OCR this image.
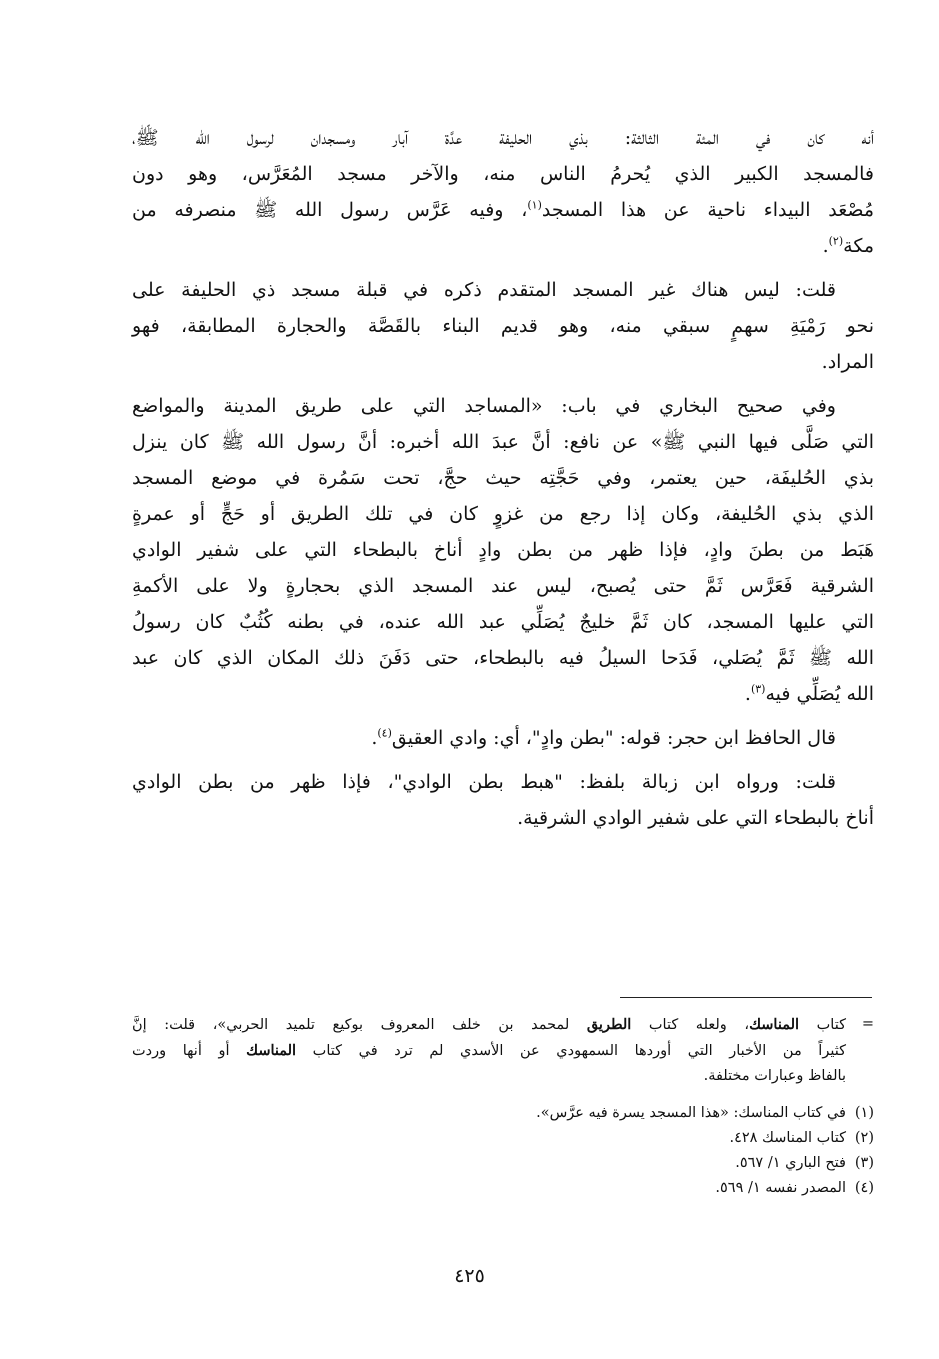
أنه كان في المئة الثالثة: بذي الحليفة عدَّة آبار ومسجدان لرسول الله ﷺ،
فالمسجد الكبير الذي يُحرمُ الناس منه، والآخر مسجد المُعَرَّس، وهو دون
مُصْعَد البيداء ناحية عن هذا المسجد$^{(١)}$، وفيه عَرَّس رسول الله ﷺ منصرفه من
مكة$^{(٢)}$.
قلت: ليس هناك غير المسجد المتقدم ذكره في قبلة مسجد ذي الحليفة على
نحو رَمْيَةِ سهمٍ سبقي منه، وهو قديم البناء بالقَصَّة والحجارة المطابقة، فهو
المراد.
وفي صحيح البخاري في باب: «المساجد التي على طريق المدينة والمواضع
التي صَلَّى فيها النبي ﷺ» عن نافع: أنَّ عبدَ الله أخبره: أنَّ رسول الله ﷺ كان ينزل
بذي الحُليفَة، حين يعتمر، وفي حَجَّتِه حيث حجَّ، تحت سَمُرة في موضع المسجد
الذي بذي الحُليفة، وكان إذا رجع من غزوٍ كان في تلك الطريق أو حَجٍّ أو عمرةٍ
هَبَط من بطنَ وادٍ، فإذا ظهر من بطن وادٍ أناخ بالبطحاء التي على شفير الوادي
الشرقية فَعَرَّس ثَمَّ حتى يُصبح، ليس عند المسجد الذي بحجارةٍ ولا على الأكمةِ
التي عليها المسجد، كان ثَمَّ خليجٌ يُصَلِّي عبد الله عنده، في بطنه كُثُبٌ كان رسولُ
الله ﷺ ثَمَّ يُصَلي، فَدَحا السيلُ فيه بالبطحاء، حتى دَفَنَ ذلك المكان الذي كان عبد
الله يُصَلِّي فيه$^{(٣)}$.
قال الحافظ ابن حجر: قوله: "بطن وادٍ"، أي: وادي العقيق$^{(٤)}$.
قلت: ورواه ابن زبالة بلفظ: "هبط بطن الوادي"، فإذا ظهر من بطن الوادي
أناخ بالبطحاء التي على شفير الوادي الشرقية.
=
كتاب المناسك، ولعله كتاب الطريق لمحمد بن خلف المعروف بوكيع تلميد الحربي»، قلت: إنَّ
كثيراً من الأخبار التي أوردها السمهودي عن الأسدي لم ترد في كتاب المناسك أو أنها وردت
بالفاظ وعبارات مختلفة.
(١)
في كتاب المناسك: «هذا المسجد يسرة فيه عرَّس».
(٢)
كتاب المناسك ٤٢٨.
(٣)
فتح الباري ١/ ٥٦٧.
(٤)
المصدر نفسه ١/ ٥٦٩.
٤٢٥
